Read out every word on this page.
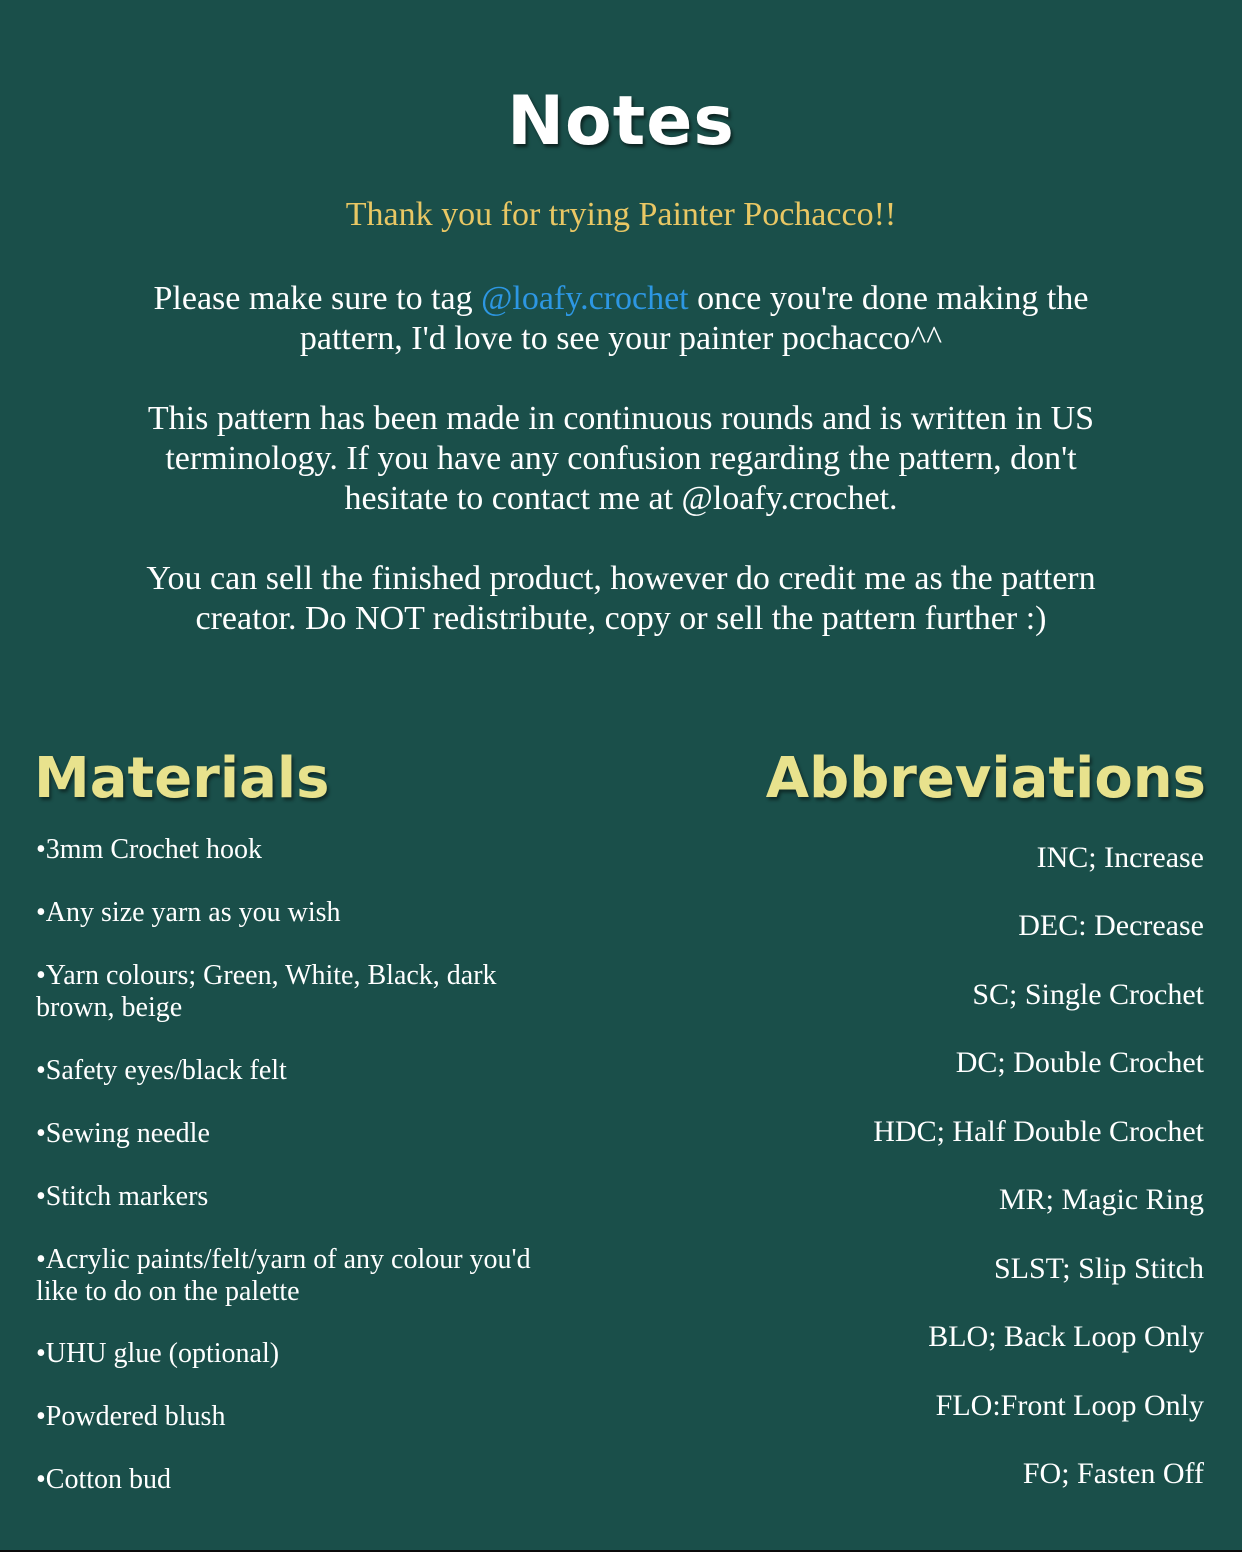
Notes
Thank you for trying Painter Pochacco!!
Please make sure to tag @loafy.crochet once you're done making the pattern, I'd love to see your painter pochacco^^
This pattern has been made in continuous rounds and is written in US terminology. If you have any confusion regarding the pattern, don't hesitate to contact me at @loafy.crochet.
You can sell the finished product, however do credit me as the pattern creator. Do NOT redistribute, copy or sell the pattern further :)
Materials	Abbreviations
•3mm Crochet hook
•Any size yarn as you wish
•Yarn colours; Green, White, Black, dark brown, beige
•Safety eyes/black felt
•Sewing needle
•Stitch markers
•Acrylic paints/felt/yarn of any colour you'd like to do on the palette
•UHU glue (optional)
•Powdered blush
•Cotton bud
INC; Increase
DEC: Decrease
SC; Single Crochet
DC; Double Crochet
HDC; Half Double Crochet
MR; Magic Ring
SLST; Slip Stitch
BLO; Back Loop Only
FLO:Front Loop Only
FO; Fasten Off
